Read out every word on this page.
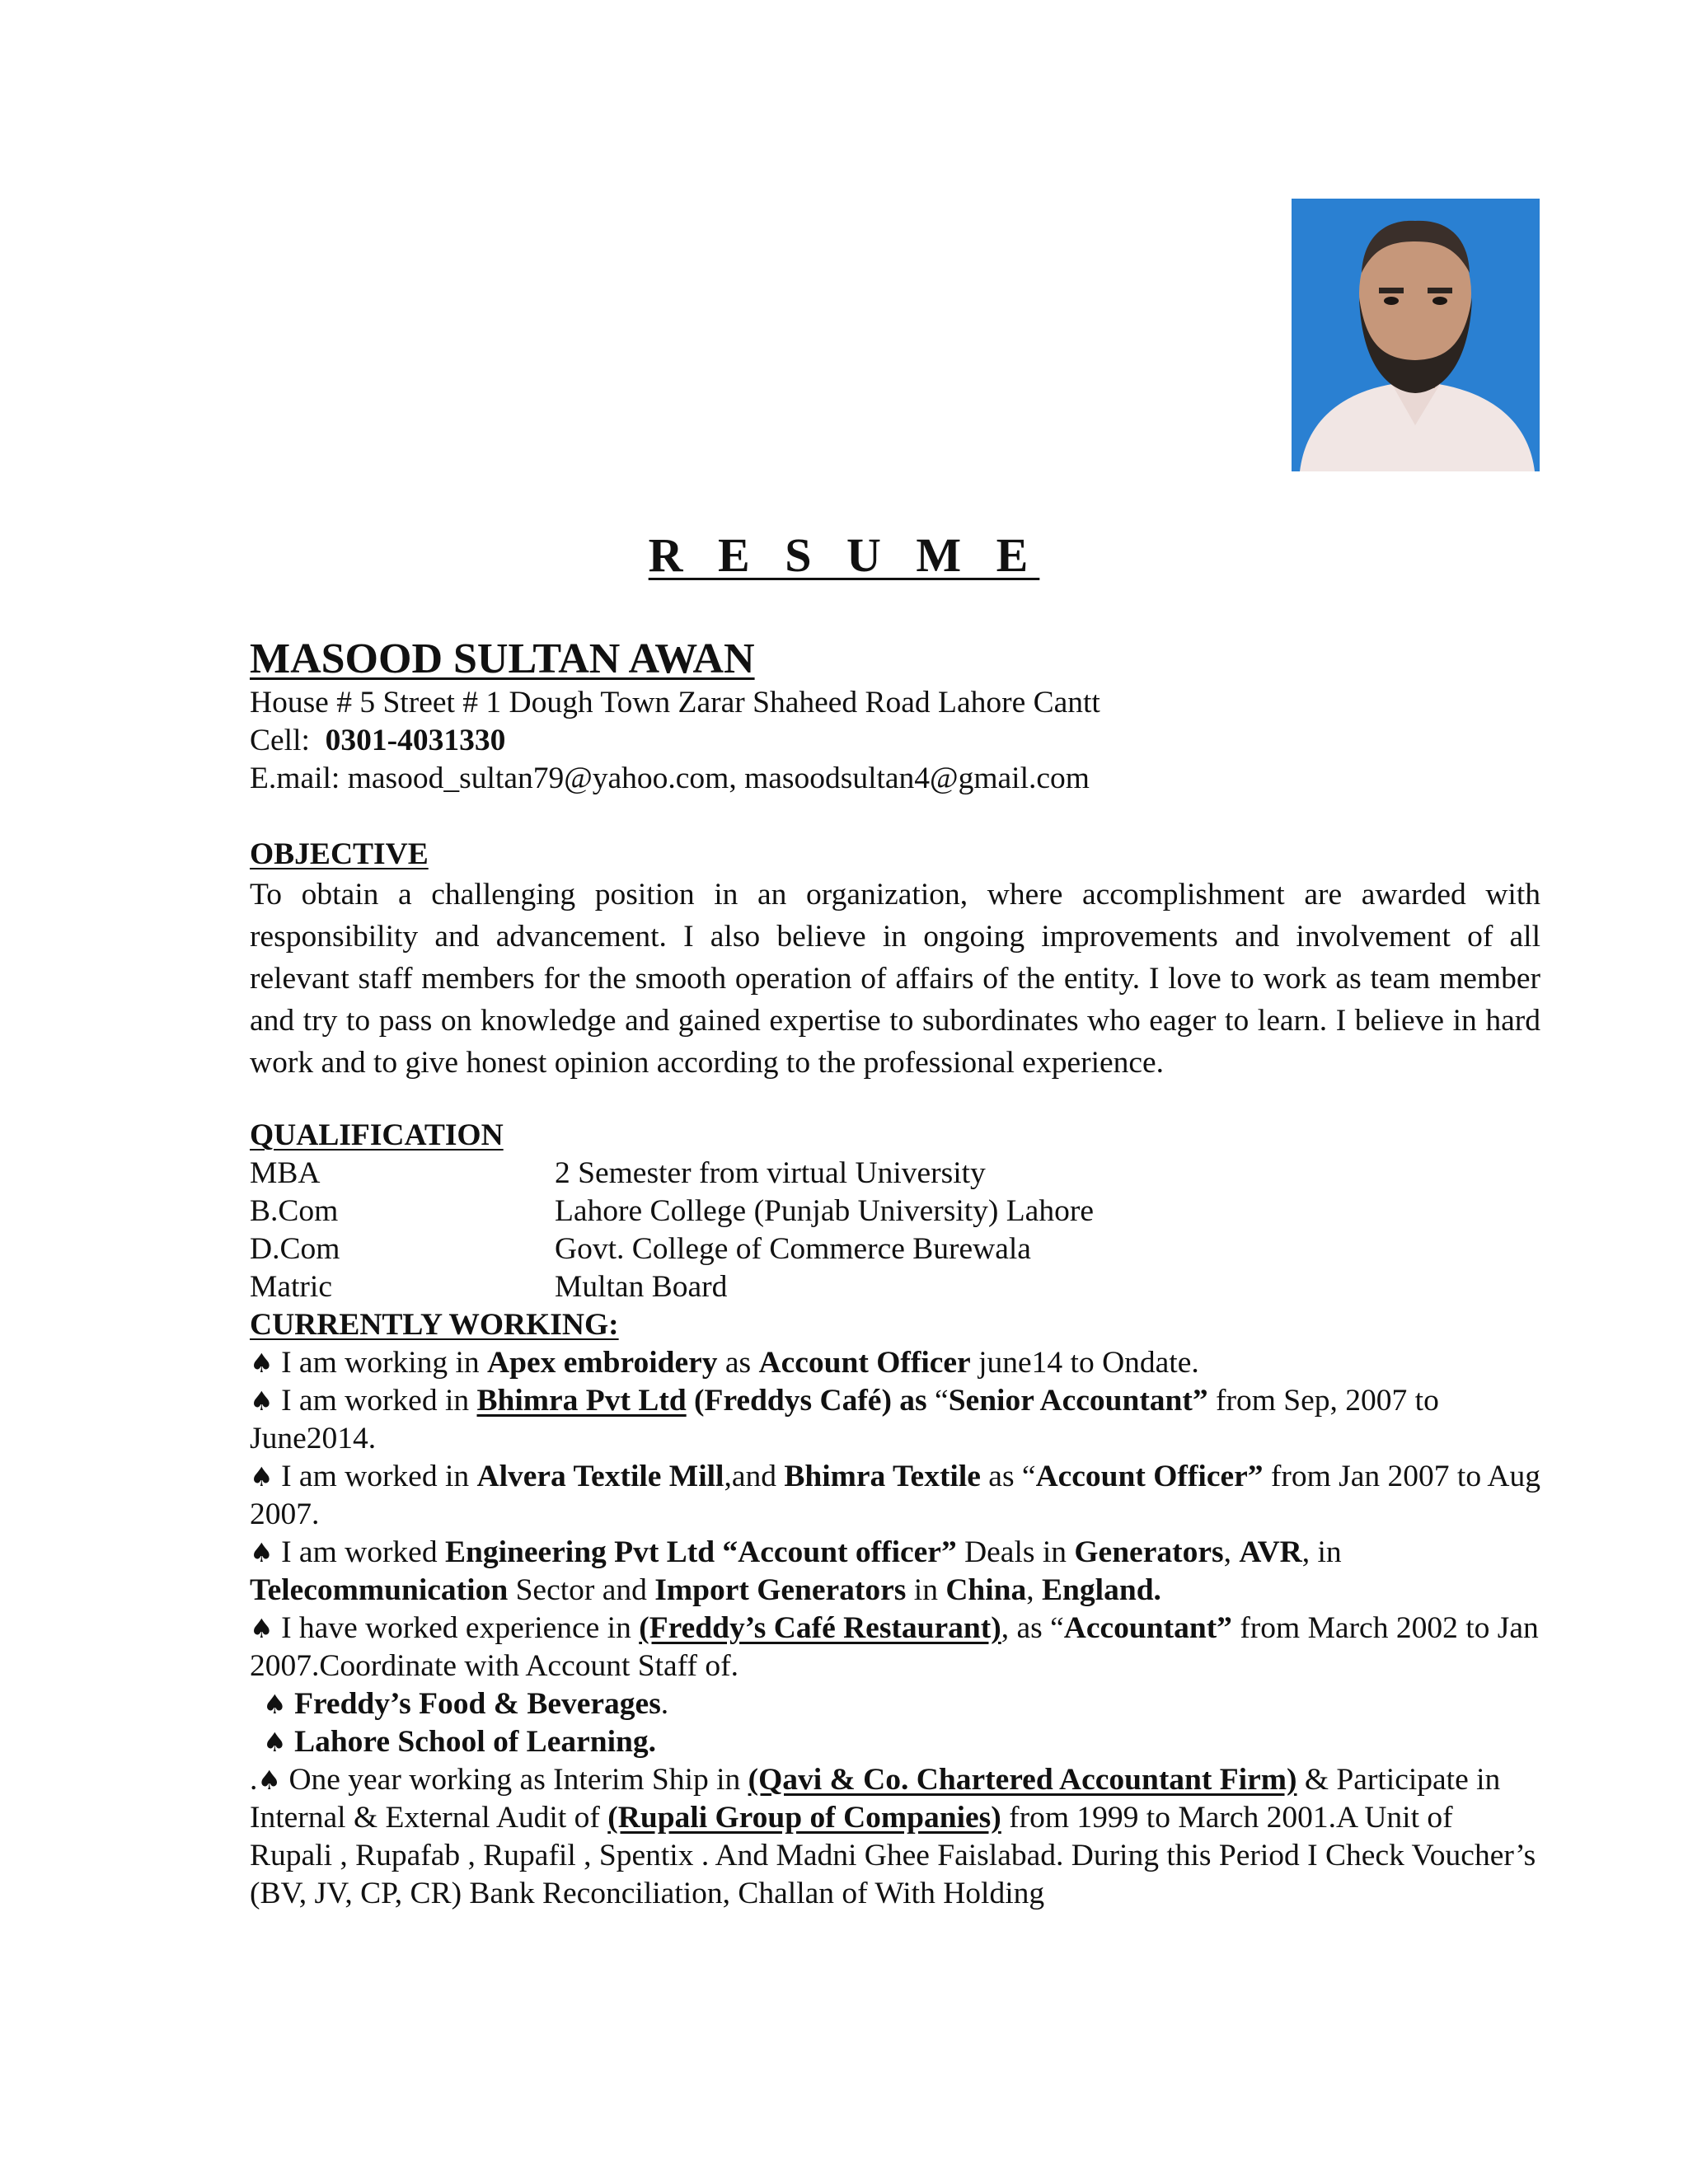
R E S U M E
MASOOD SULTAN AWAN
House # 5 Street # 1 Dough Town Zarar Shaheed Road Lahore Cantt
Cell: 0301-4031330
E.mail: masood_sultan79@yahoo.com, masoodsultan4@gmail.com
OBJECTIVE
To obtain a challenging position in an organization, where accomplishment are awarded with responsibility and advancement. I also believe in ongoing improvements and involvement of all relevant staff members for the smooth operation of affairs of the entity. I love to work as team member and try to pass on knowledge and gained expertise to subordinates who eager to learn. I believe in hard work and to give honest opinion according to the professional experience.
QUALIFICATION
MBA	2 Semester from virtual University
B.Com	Lahore College (Punjab University) Lahore
D.Com	Govt. College of Commerce Burewala
Matric	Multan Board
CURRENTLY WORKING:
♠ I am working in Apex embroidery as Account Officer june14 to Ondate.
♠ I am worked in Bhimra Pvt Ltd (Freddys Café) as “Senior Accountant” from Sep, 2007 to June2014.
♠ I am worked in Alvera Textile Mill,and Bhimra Textile as “Account Officer” from Jan 2007 to Aug 2007.
♠ I am worked Engineering Pvt Ltd “Account officer” Deals in Generators, AVR, in Telecommunication Sector and Import Generators in China, England.
♠ I have worked experience in (Freddy’s Café Restaurant), as “Accountant” from March 2002 to Jan 2007.Coordinate with Account Staff of.
♠ Freddy’s Food & Beverages.
♠ Lahore School of Learning.
.♠ One year working as Interim Ship in (Qavi & Co. Chartered Accountant Firm) & Participate in Internal & External Audit of (Rupali Group of Companies) from 1999 to March 2001.A Unit of Rupali , Rupafab , Rupafil , Spentix . And Madni Ghee Faislabad. During this Period I Check Voucher’s (BV, JV, CP, CR) Bank Reconciliation, Challan of With Holding
